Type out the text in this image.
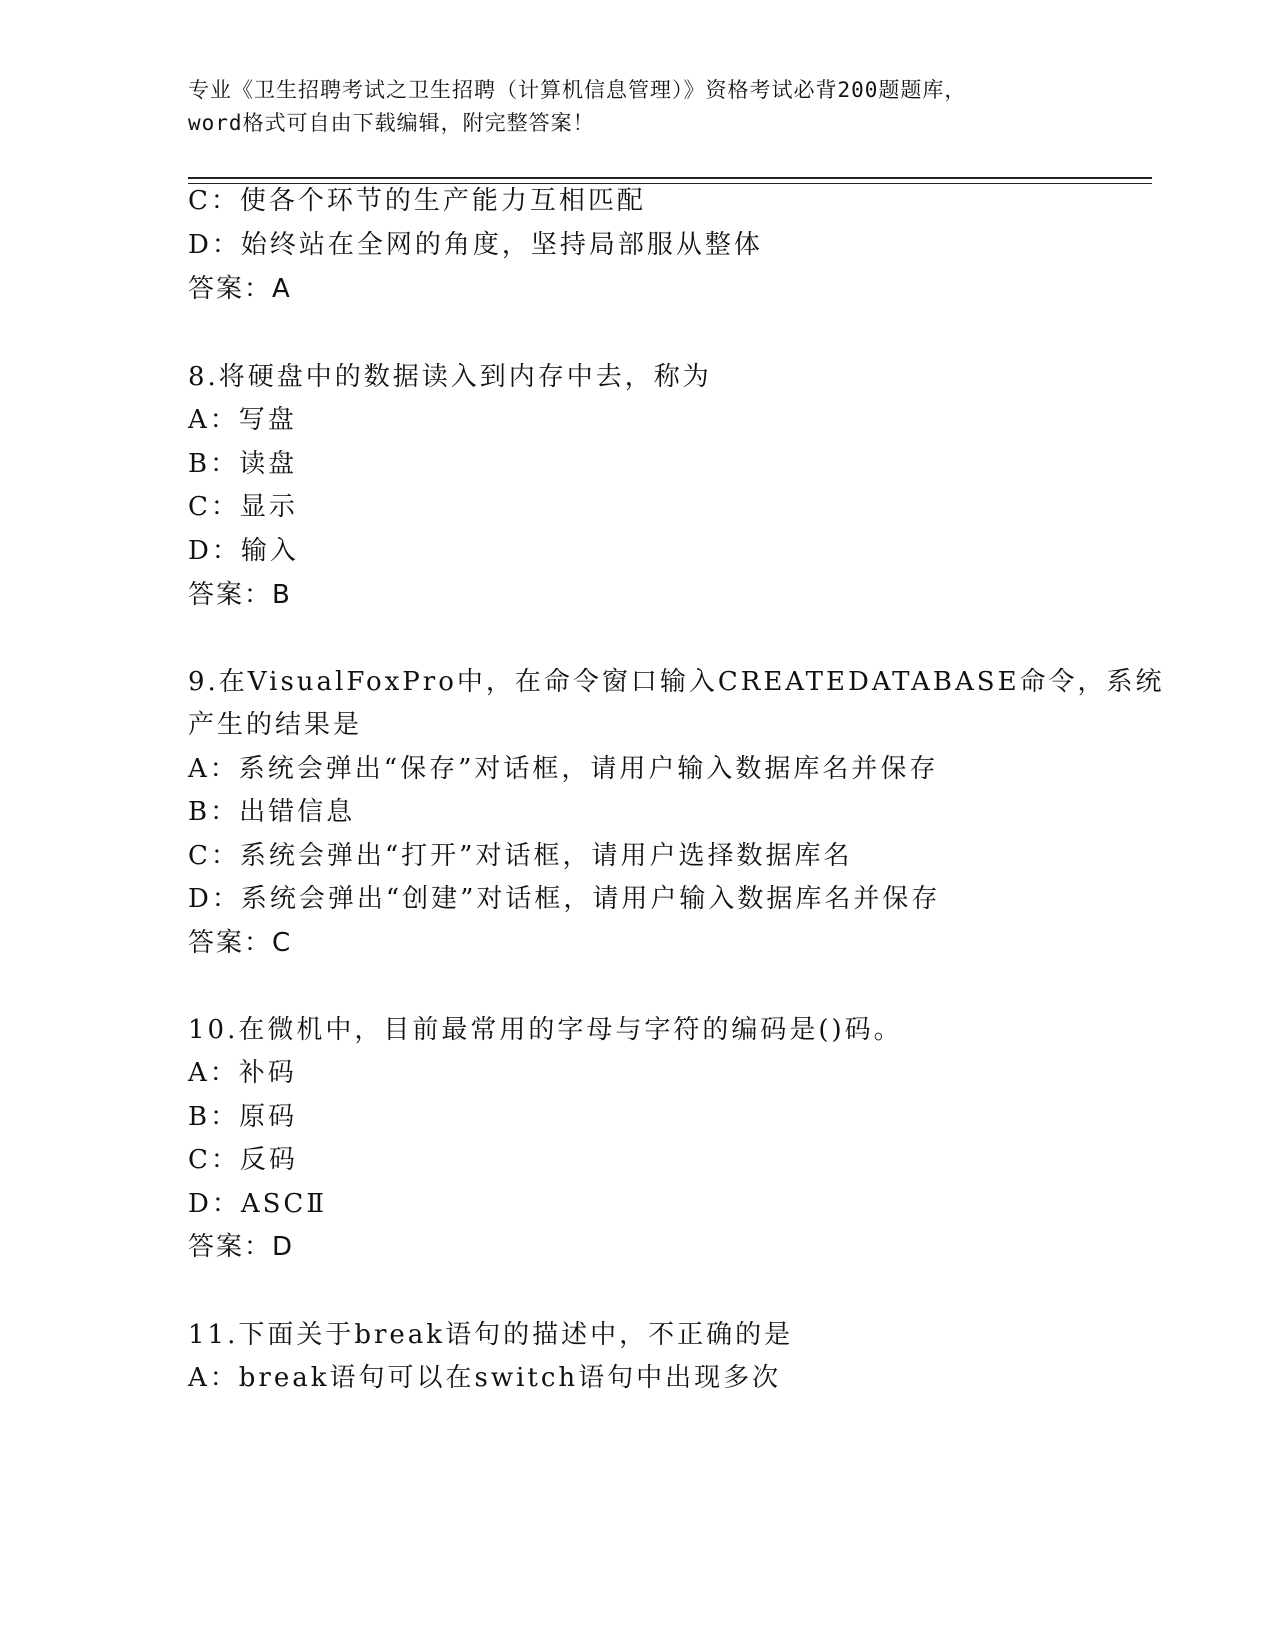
专业《卫生招聘考试之卫生招聘（计算机信息管理）》资格考试必背200题题库，
word格式可自由下载编辑，附完整答案！
C：使各个环节的生产能力互相匹配
D：始终站在全网的角度，坚持局部服从整体
答案：A
8.将硬盘中的数据读入到内存中去，称为
A：写盘
B：读盘
C：显示
D：输入
答案：B
9.在VisualFoxPro中，在命令窗口输入CREATEDATABASE命令，系统
产生的结果是
A：系统会弹出“保存”对话框，请用户输入数据库名并保存
B：出错信息
C：系统会弹出“打开”对话框，请用户选择数据库名
D：系统会弹出“创建”对话框，请用户输入数据库名并保存
答案：C
10.在微机中，目前最常用的字母与字符的编码是()码。
A：补码
B：原码
C：反码
D：ASCⅡ
答案：D
11.下面关于break语句的描述中，不正确的是
A：break语句可以在switch语句中出现多次
